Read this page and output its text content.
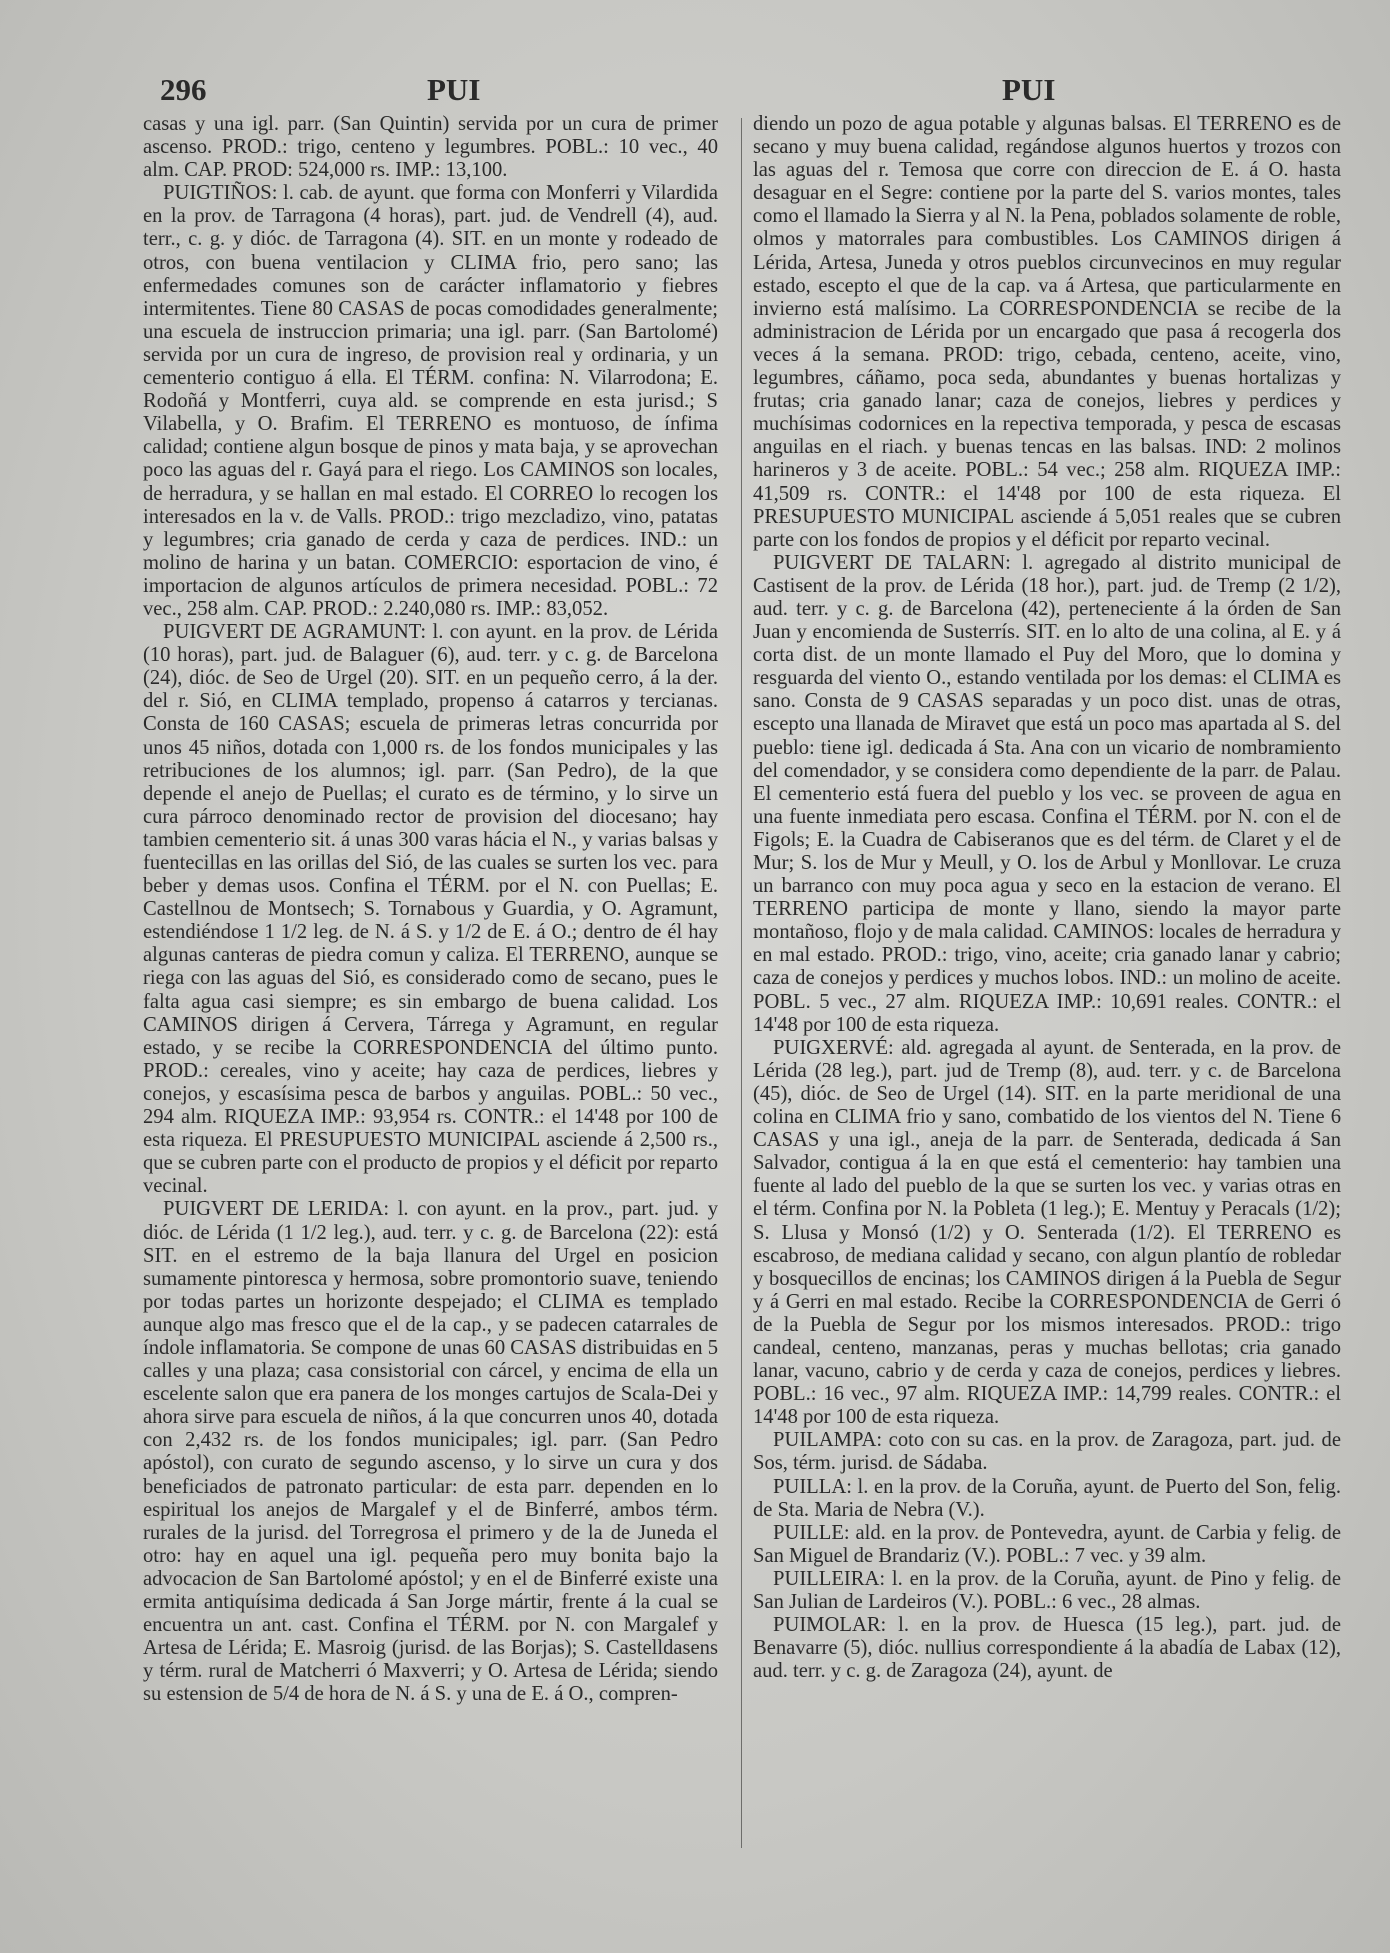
296	PUI	PUI

casas y una igl. parr. (San Quintin) servida por un cura de primer ascenso. PROD.: trigo, centeno y legumbres. POBL.: 10 vec., 40 alm. CAP. PROD: 524,000 rs. IMP.: 13,100.

PUIGTIÑOS: l. cab. de ayunt. que forma con Monferri y Vilardida en la prov. de Tarragona (4 horas), part. jud. de Vendrell (4), aud. terr., c. g. y dióc. de Tarragona (4). SIT. en un monte y rodeado de otros, con buena ventilacion y CLIMA frio, pero sano; las enfermedades comunes son de carácter inflamatorio y fiebres intermitentes. Tiene 80 CASAS de pocas comodidades generalmente; una escuela de instruccion primaria; una igl. parr. (San Bartolomé) servida por un cura de ingreso, de provision real y ordinaria, y un cementerio contiguo á ella. El TÉRM. confina: N. Vilarrodona; E. Rodoñá y Montferri, cuya ald. se comprende en esta jurisd.; S Vilabella, y O. Brafim. El TERRENO es montuoso, de ínfima calidad; contiene algun bosque de pinos y mata baja, y se aprovechan poco las aguas del r. Gayá para el riego. Los CAMINOS son locales, de herradura, y se hallan en mal estado. El CORREO lo recogen los interesados en la v. de Valls. PROD.: trigo mezcladizo, vino, patatas y legumbres; cria ganado de cerda y caza de perdices. IND.: un molino de harina y un batan. COMERCIO: esportacion de vino, é importacion de algunos artículos de primera necesidad. POBL.: 72 vec., 258 alm. CAP. PROD.: 2.240,080 rs. IMP.: 83,052.

PUIGVERT DE AGRAMUNT: l. con ayunt. en la prov. de Lérida (10 horas), part. jud. de Balaguer (6), aud. terr. y c. g. de Barcelona (24), dióc. de Seo de Urgel (20). SIT. en un pequeño cerro, á la der. del r. Sió, en CLIMA templado, propenso á catarros y tercianas. Consta de 160 CASAS; escuela de primeras letras concurrida por unos 45 niños, dotada con 1,000 rs. de los fondos municipales y las retribuciones de los alumnos; igl. parr. (San Pedro), de la que depende el anejo de Puellas; el curato es de término, y lo sirve un cura párroco denominado rector de provision del diocesano; hay tambien cementerio sit. á unas 300 varas hácia el N., y varias balsas y fuentecillas en las orillas del Sió, de las cuales se surten los vec. para beber y demas usos. Confina el TÉRM. por el N. con Puellas; E. Castellnou de Montsech; S. Tornabous y Guardia, y O. Agramunt, estendiéndose 1 1/2 leg. de N. á S. y 1/2 de E. á O.; dentro de él hay algunas canteras de piedra comun y caliza. El TERRENO, aunque se riega con las aguas del Sió, es considerado como de secano, pues le falta agua casi siempre; es sin embargo de buena calidad. Los CAMINOS dirigen á Cervera, Tárrega y Agramunt, en regular estado, y se recibe la CORRESPONDENCIA del último punto. PROD.: cereales, vino y aceite; hay caza de perdices, liebres y conejos, y escasísima pesca de barbos y anguilas. POBL.: 50 vec., 294 alm. RIQUEZA IMP.: 93,954 rs. CONTR.: el 14'48 por 100 de esta riqueza. El PRESUPUESTO MUNICIPAL asciende á 2,500 rs., que se cubren parte con el producto de propios y el déficit por reparto vecinal.

PUIGVERT DE LERIDA: l. con ayunt. en la prov., part. jud. y dióc. de Lérida (1 1/2 leg.), aud. terr. y c. g. de Barcelona (22): está SIT. en el estremo de la baja llanura del Urgel en posicion sumamente pintoresca y hermosa, sobre promontorio suave, teniendo por todas partes un horizonte despejado; el CLIMA es templado aunque algo mas fresco que el de la cap., y se padecen catarrales de índole inflamatoria. Se compone de unas 60 CASAS distribuidas en 5 calles y una plaza; casa consistorial con cárcel, y encima de ella un escelente salon que era panera de los monges cartujos de Scala-Dei y ahora sirve para escuela de niños, á la que concurren unos 40, dotada con 2,432 rs. de los fondos municipales; igl. parr. (San Pedro apóstol), con curato de segundo ascenso, y lo sirve un cura y dos beneficiados de patronato particular: de esta parr. dependen en lo espiritual los anejos de Margalef y el de Binferré, ambos térm. rurales de la jurisd. del Torregrosa el primero y de la de Juneda el otro: hay en aquel una igl. pequeña pero muy bonita bajo la advocacion de San Bartolomé apóstol; y en el de Binferré existe una ermita antiquísima dedicada á San Jorge mártir, frente á la cual se encuentra un ant. cast. Confina el TÉRM. por N. con Margalef y Artesa de Lérida; E. Masroig (jurisd. de las Borjas); S. Castelldasens y térm. rural de Matcherri ó Maxverri; y O. Artesa de Lérida; siendo su estension de 5/4 de hora de N. á S. y una de E. á O., compren-

diendo un pozo de agua potable y algunas balsas. El TERRENO es de secano y muy buena calidad, regándose algunos huertos y trozos con las aguas del r. Temosa que corre con direccion de E. á O. hasta desaguar en el Segre: contiene por la parte del S. varios montes, tales como el llamado la Sierra y al N. la Pena, poblados solamente de roble, olmos y matorrales para combustibles. Los CAMINOS dirigen á Lérida, Artesa, Juneda y otros pueblos circunvecinos en muy regular estado, escepto el que de la cap. va á Artesa, que particularmente en invierno está malísimo. La CORRESPONDENCIA se recibe de la administracion de Lérida por un encargado que pasa á recogerla dos veces á la semana. PROD: trigo, cebada, centeno, aceite, vino, legumbres, cáñamo, poca seda, abundantes y buenas hortalizas y frutas; cria ganado lanar; caza de conejos, liebres y perdices y muchísimas codornices en la repectiva temporada, y pesca de escasas anguilas en el riach. y buenas tencas en las balsas. IND: 2 molinos harineros y 3 de aceite. POBL.: 54 vec.; 258 alm. RIQUEZA IMP.: 41,509 rs. CONTR.: el 14'48 por 100 de esta riqueza. El PRESUPUESTO MUNICIPAL asciende á 5,051 reales que se cubren parte con los fondos de propios y el déficit por reparto vecinal.

PUIGVERT DE TALARN: l. agregado al distrito municipal de Castisent de la prov. de Lérida (18 hor.), part. jud. de Tremp (2 1/2), aud. terr. y c. g. de Barcelona (42), perteneciente á la órden de San Juan y encomienda de Susterrís. SIT. en lo alto de una colina, al E. y á corta dist. de un monte llamado el Puy del Moro, que lo domina y resguarda del viento O., estando ventilada por los demas: el CLIMA es sano. Consta de 9 CASAS separadas y un poco dist. unas de otras, escepto una llanada de Miravet que está un poco mas apartada al S. del pueblo: tiene igl. dedicada á Sta. Ana con un vicario de nombramiento del comendador, y se considera como dependiente de la parr. de Palau. El cementerio está fuera del pueblo y los vec. se proveen de agua en una fuente inmediata pero escasa. Confina el TÉRM. por N. con el de Figols; E. la Cuadra de Cabiseranos que es del térm. de Claret y el de Mur; S. los de Mur y Meull, y O. los de Arbul y Monllovar. Le cruza un barranco con muy poca agua y seco en la estacion de verano. El TERRENO participa de monte y llano, siendo la mayor parte montañoso, flojo y de mala calidad. CAMINOS: locales de herradura y en mal estado. PROD.: trigo, vino, aceite; cria ganado lanar y cabrio; caza de conejos y perdices y muchos lobos. IND.: un molino de aceite. POBL. 5 vec., 27 alm. RIQUEZA IMP.: 10,691 reales. CONTR.: el 14'48 por 100 de esta riqueza.

PUIGXERVÉ: ald. agregada al ayunt. de Senterada, en la prov. de Lérida (28 leg.), part. jud de Tremp (8), aud. terr. y c. de Barcelona (45), dióc. de Seo de Urgel (14). SIT. en la parte meridional de una colina en CLIMA frio y sano, combatido de los vientos del N. Tiene 6 CASAS y una igl., aneja de la parr. de Senterada, dedicada á San Salvador, contigua á la en que está el cementerio: hay tambien una fuente al lado del pueblo de la que se surten los vec. y varias otras en el térm. Confina por N. la Pobleta (1 leg.); E. Mentuy y Peracals (1/2); S. Llusa y Monsó (1/2) y O. Senterada (1/2). El TERRENO es escabroso, de mediana calidad y secano, con algun plantío de robledar y bosquecillos de encinas; los CAMINOS dirigen á la Puebla de Segur y á Gerri en mal estado. Recibe la CORRESPONDENCIA de Gerri ó de la Puebla de Segur por los mismos interesados. PROD.: trigo candeal, centeno, manzanas, peras y muchas bellotas; cria ganado lanar, vacuno, cabrio y de cerda y caza de conejos, perdices y liebres. POBL.: 16 vec., 97 alm. RIQUEZA IMP.: 14,799 reales. CONTR.: el 14'48 por 100 de esta riqueza.

PUILAMPA: coto con su cas. en la prov. de Zaragoza, part. jud. de Sos, térm. jurisd. de Sádaba.

PUILLA: l. en la prov. de la Coruña, ayunt. de Puerto del Son, felig. de Sta. Maria de Nebra (V.).

PUILLE: ald. en la prov. de Pontevedra, ayunt. de Carbia y felig. de San Miguel de Brandariz (V.). POBL.: 7 vec. y 39 alm.

PUILLEIRA: l. en la prov. de la Coruña, ayunt. de Pino y felig. de San Julian de Lardeiros (V.). POBL.: 6 vec., 28 almas.

PUIMOLAR: l. en la prov. de Huesca (15 leg.), part. jud. de Benavarre (5), dióc. nullius correspondiente á la abadía de Labax (12), aud. terr. y c. g. de Zaragoza (24), ayunt. de
